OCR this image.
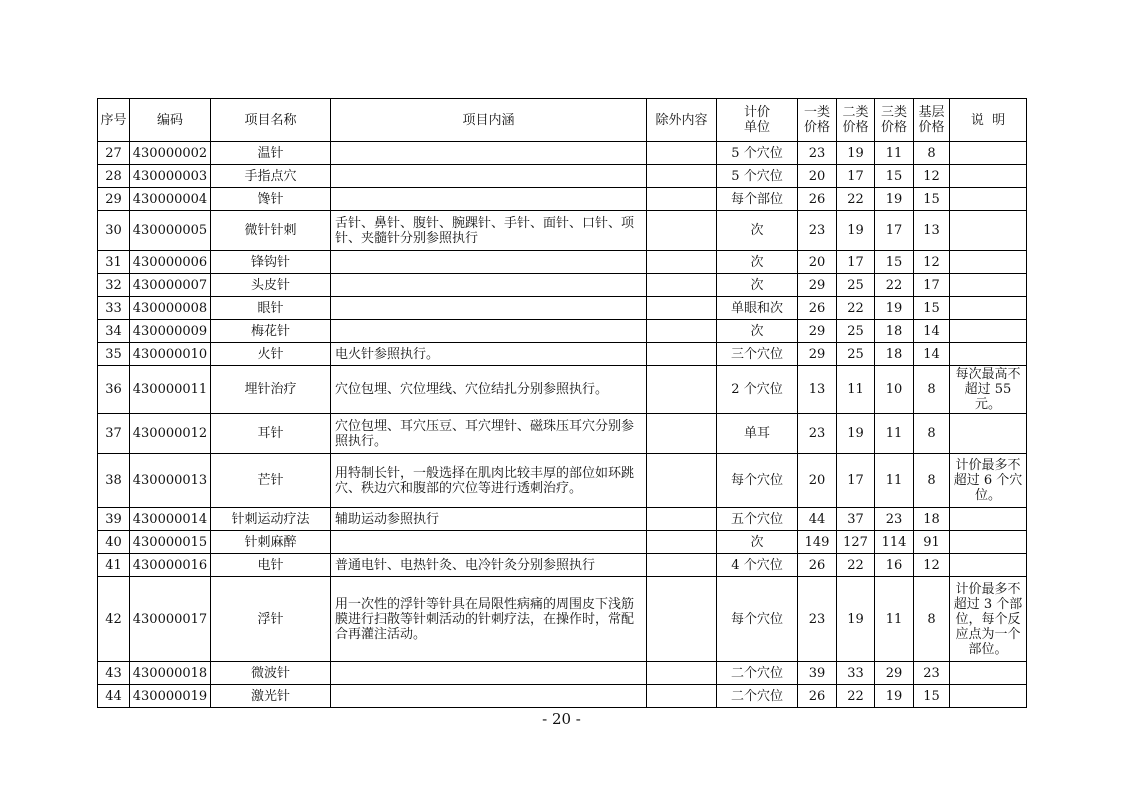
序号	编码	项目名称	项目内涵	除外内容	计价单位	一类价格	二类价格	三类价格	基层价格	说  明
27	430000002	温针			5 个穴位	23	19	11	8	
28	430000003	手指点穴			5 个穴位	20	17	15	12	
29	430000004	馋针			每个部位	26	22	19	15	
30	430000005	微针针刺	舌针、鼻针、腹针、腕踝针、手针、面针、口针、项针、夹髓针分别参照执行		次	23	19	17	13	
31	430000006	锋钩针			次	20	17	15	12	
32	430000007	头皮针			次	29	25	22	17	
33	430000008	眼针			单眼和次	26	22	19	15	
34	430000009	梅花针			次	29	25	18	14	
35	430000010	火针	电火针参照执行。		三个穴位	29	25	18	14	
36	430000011	埋针治疗	穴位包埋、穴位埋线、穴位结扎分别参照执行。		2 个穴位	13	11	10	8	每次最高不超过 55 元。
37	430000012	耳针	穴位包埋、耳穴压豆、耳穴埋针、磁珠压耳穴分别参照执行。		单耳	23	19	11	8	
38	430000013	芒针	用特制长针，一般选择在肌肉比较丰厚的部位如环跳穴、秩边穴和腹部的穴位等进行透刺治疗。		每个穴位	20	17	11	8	计价最多不超过 6 个穴位。
39	430000014	针刺运动疗法	辅助运动参照执行		五个穴位	44	37	23	18	
40	430000015	针刺麻醉			次	149	127	114	91	
41	430000016	电针	普通电针、电热针灸、电冷针灸分别参照执行		4 个穴位	26	22	16	12	
42	430000017	浮针	用一次性的浮针等针具在局限性病痛的周围皮下浅筋膜进行扫散等针刺活动的针刺疗法，在操作时，常配合再灌注活动。		每个穴位	23	19	11	8	计价最多不超过 3 个部位，每个反应点为一个部位。
43	430000018	微波针			二个穴位	39	33	29	23	
44	430000019	激光针			二个穴位	26	22	19	15	
- 20 -
